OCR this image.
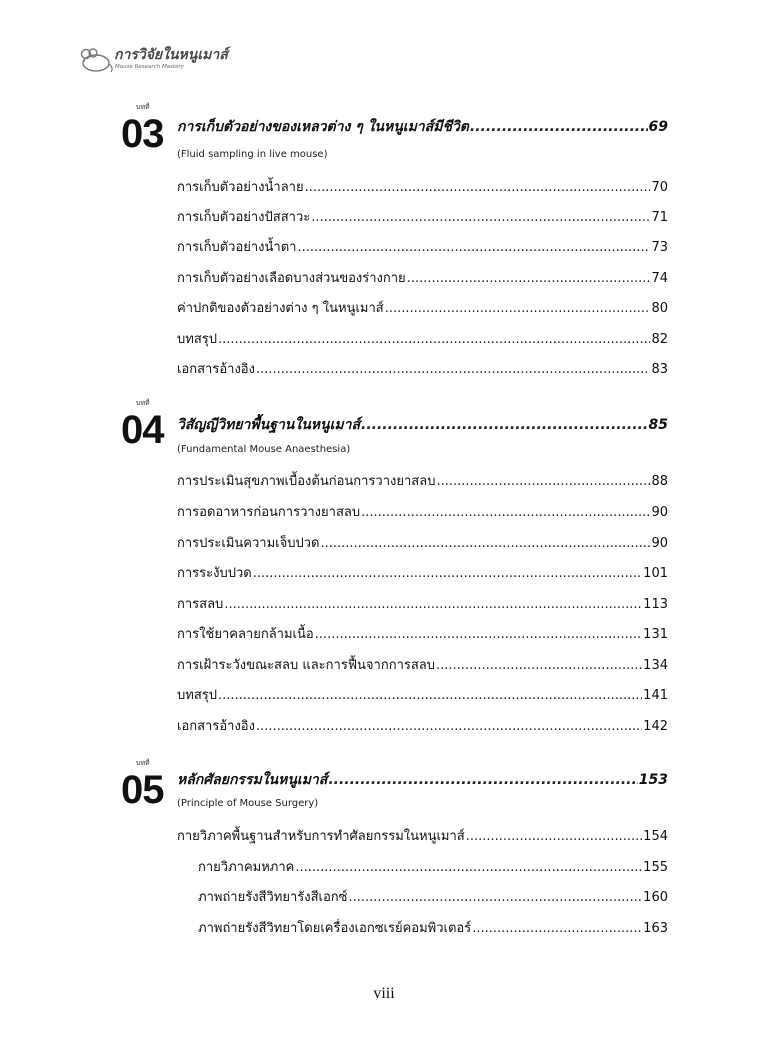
การวิจัยในหนูเมาส์
Mouse Research Mastery
บทที่
03 การเก็บตัวอย่างของเหลวต่าง ๆ ในหนูเมาส์มีชีวิต .....	69
(Fluid sampling in live mouse)
การเก็บตัวอย่างน้ำลาย .....	70
การเก็บตัวอย่างปัสสาวะ .....	71
การเก็บตัวอย่างน้ำตา .....	73
การเก็บตัวอย่างเลือดบางส่วนของร่างกาย .....	74
ค่าปกติของตัวอย่างต่าง ๆ ในหนูเมาส์ .....	80
บทสรุป .....	82
เอกสารอ้างอิง .....	83
บทที่
04 วิสัญญีวิทยาพื้นฐานในหนูเมาส์ .....	85
(Fundamental Mouse Anaesthesia)
การประเมินสุขภาพเบื้องต้นก่อนการวางยาสลบ .....	88
การอดอาหารก่อนการวางยาสลบ .....	90
การประเมินความเจ็บปวด .....	90
การระงับปวด .....	101
การสลบ .....	113
การใช้ยาคลายกล้ามเนื้อ .....	131
การเฝ้าระวังขณะสลบ และการฟื้นจากการสลบ .....	134
บทสรุป .....	141
เอกสารอ้างอิง .....	142
บทที่
05 หลักศัลยกรรมในหนูเมาส์ .....	153
(Principle of Mouse Surgery)
กายวิภาคพื้นฐานสำหรับการทำศัลยกรรมในหนูเมาส์ .....	154
กายวิภาคมหภาค .....	155
ภาพถ่ายรังสีวิทยารังสีเอกซ์ .....	160
ภาพถ่ายรังสีวิทยาโดยเครื่องเอกซเรย์คอมพิวเตอร์ .....	163
viii
